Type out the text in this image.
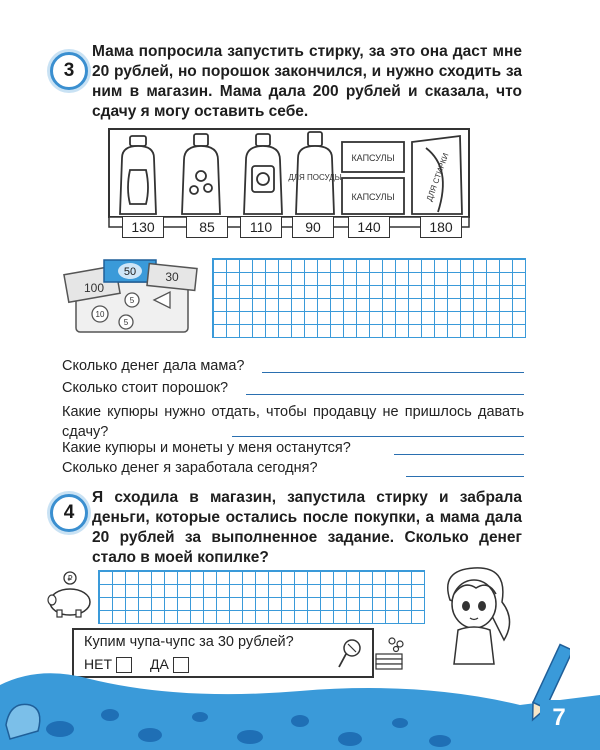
3
Мама попросила запустить стирку, за это она даст мне 20 рублей, но порошок закончился, и нужно сходить за ним в магазин. Мама дала 200 рублей и сказала, что сдачу я могу оставить себе.
ДЛЯ ПОСУДЫ
КАПСУЛЫ
КАПСУЛЫ	ДЛЯ СТИРКИ
130	85	110	90	140	180
100
50 30
10
5
5
Сколько денег дала мама?
Сколько стоит порошок?
Какие купюры нужно отдать, чтобы продавцу не пришлось давать сдачу?
Какие купюры и монеты у меня останутся?
Сколько денег я заработала сегодня?
4
Я сходила в магазин, запустила стирку и забрала деньги, которые остались после покупки, а мама дала 20 рублей за выполненное задание. Сколько денег стало в моей копилке?
₽
Купим чупа-чупс за 30 рублей?
НЕТ	ДА
7
